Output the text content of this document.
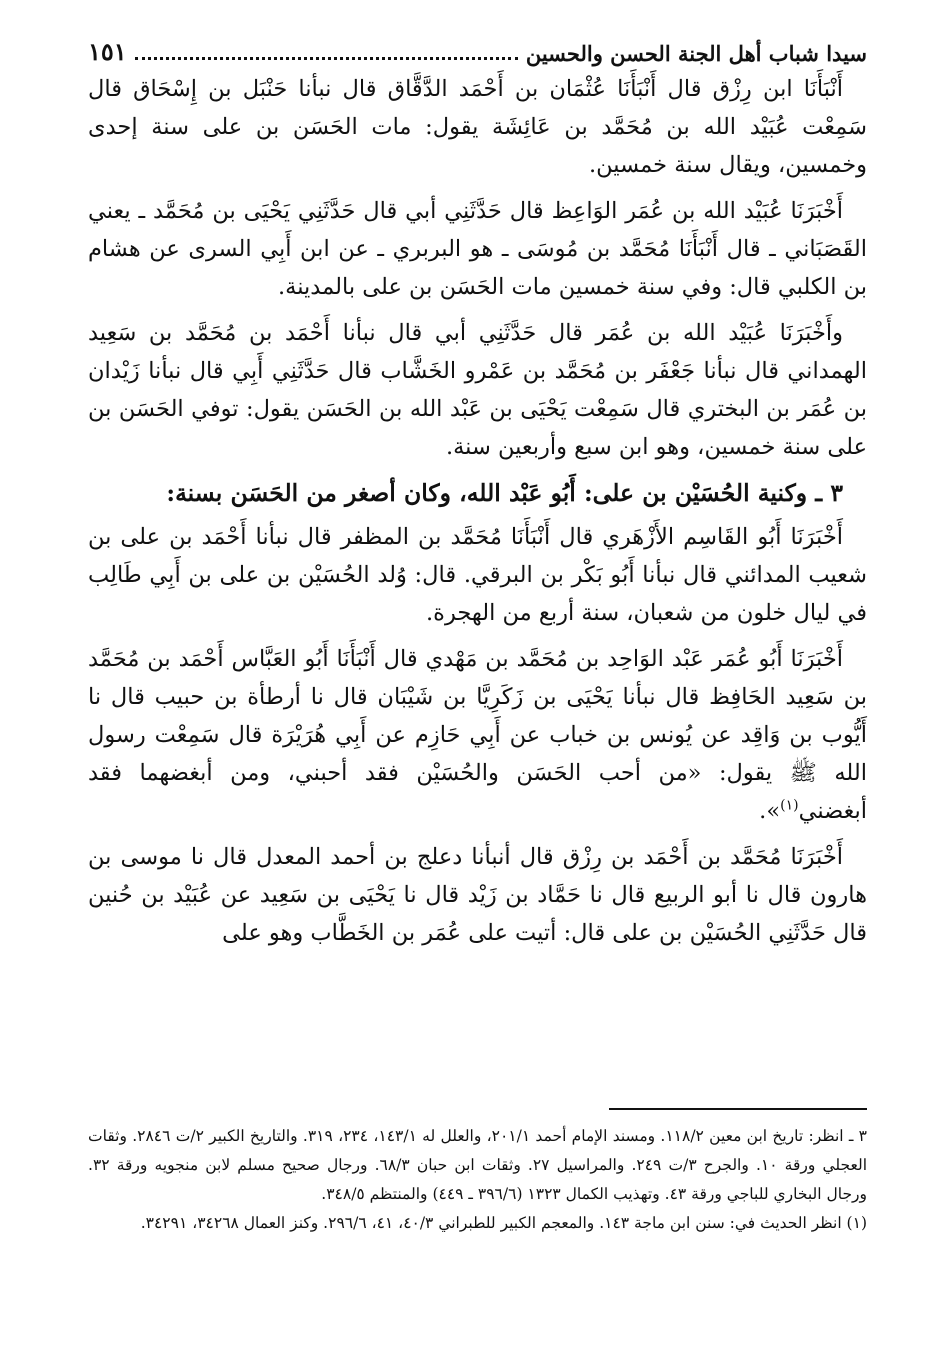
سيدا شباب أهل الجنة الحسن والحسين
١٥١

أَنْبَأَنَا ابن رِزْق قال أَنْبَأَنَا عُثْمَان بن أَحْمَد الدَّقَّاق قال نبأنا حَنْبَل بن إِسْحَاق قال سَمِعْت عُبَيْد الله بن مُحَمَّد بن عَائِشَة يقول: مات الحَسَن بن على سنة إحدى وخمسين، ويقال سنة خمسين.

أَخْبَرَنَا عُبَيْد الله بن عُمَر الوَاعِظ قال حَدَّثَنِي أبي قال حَدَّثَنِي يَحْيَى بن مُحَمَّد ـ يعني القَصَبَاني ـ قال أَنْبَأَنَا مُحَمَّد بن مُوسَى ـ هو البربري ـ عن ابن أَبِي السرى عن هشام بن الكلبي قال: وفي سنة خمسين مات الحَسَن بن على بالمدينة.

وأَخْبَرَنَا عُبَيْد الله بن عُمَر قال حَدَّثَنِي أبي قال نبأنا أَحْمَد بن مُحَمَّد بن سَعِيد الهمداني قال نبأنا جَعْفَر بن مُحَمَّد بن عَمْرو الخَشَّاب قال حَدَّثَنِي أَبِي قال نبأنا زَيْدان بن عُمَر بن البختري قال سَمِعْت يَحْيَى بن عَبْد الله بن الحَسَن يقول: توفي الحَسَن بن على سنة خمسين، وهو ابن سبع وأربعين سنة.

٣ ـ وكنية الحُسَيْن بن على: أَبُو عَبْد الله، وكان أصغر من الحَسَن بسنة:

أَخْبَرَنَا أَبُو القَاسِم الأَزْهَري قال أَنْبَأَنَا مُحَمَّد بن المظفر قال نبأنا أَحْمَد بن على بن شعيب المدائني قال نبأنا أَبُو بَكْر بن البرقي. قال: وُلد الحُسَيْن بن على بن أَبِي طَالِب في ليال خلون من شعبان، سنة أربع من الهجرة.

أَخْبَرَنَا أَبُو عُمَر عَبْد الوَاحِد بن مُحَمَّد بن مَهْدي قال أَنْبَأَنَا أَبُو العَبَّاس أَحْمَد بن مُحَمَّد بن سَعِيد الحَافِظ قال نبأنا يَحْيَى بن زَكَرِيَّا بن شَيْبَان قال نا أرطأة بن حبيب قال نا أَيُّوب بن وَاقِد عن يُونس بن خباب عن أَبِي حَازِم عن أَبِي هُرَيْرَة قال سَمِعْت رسول الله ﷺ يقول: «من أحب الحَسَن والحُسَيْن فقد أحبني، ومن أبغضهما فقد أبغضني$^{(١)}$».

أَخْبَرَنَا مُحَمَّد بن أَحْمَد بن رِزْق قال أنبأنا دعلج بن أحمد المعدل قال نا موسى بن هارون قال نا أبو الربيع قال نا حَمَّاد بن زَيْد قال نا يَحْيَى بن سَعِيد عن عُبَيْد بن حُنين قال حَدَّثَنِي الحُسَيْن بن على قال: أتيت على عُمَر بن الخَطَّاب وهو على

٣ ـ انظر: تاريخ ابن معين ١١٨/٢. ومسند الإمام أحمد ٢٠١/١، والعلل له ١٤٣/١، ٢٣٤، ٣١٩. والتاريخ الكبير ٢/ت ٢٨٤٦. وثقات العجلي ورقة ١٠. والجرح ٣/ت ٢٤٩. والمراسيل ٢٧. وثقات ابن حبان ٦٨/٣. ورجال صحيح مسلم لابن منجويه ورقة ٣٢. ورجال البخاري للباجي ورقة ٤٣. وتهذيب الكمال ١٣٢٣ (٣٩٦/٦ ـ ٤٤٩) والمنتظم ٣٤٨/٥.

(١) انظر الحديث في: سنن ابن ماجة ١٤٣. والمعجم الكبير للطبراني ٤٠/٣، ٤١، ٢٩٦/٦. وكنز العمال ٣٤٢٦٨، ٣٤٢٩١.
